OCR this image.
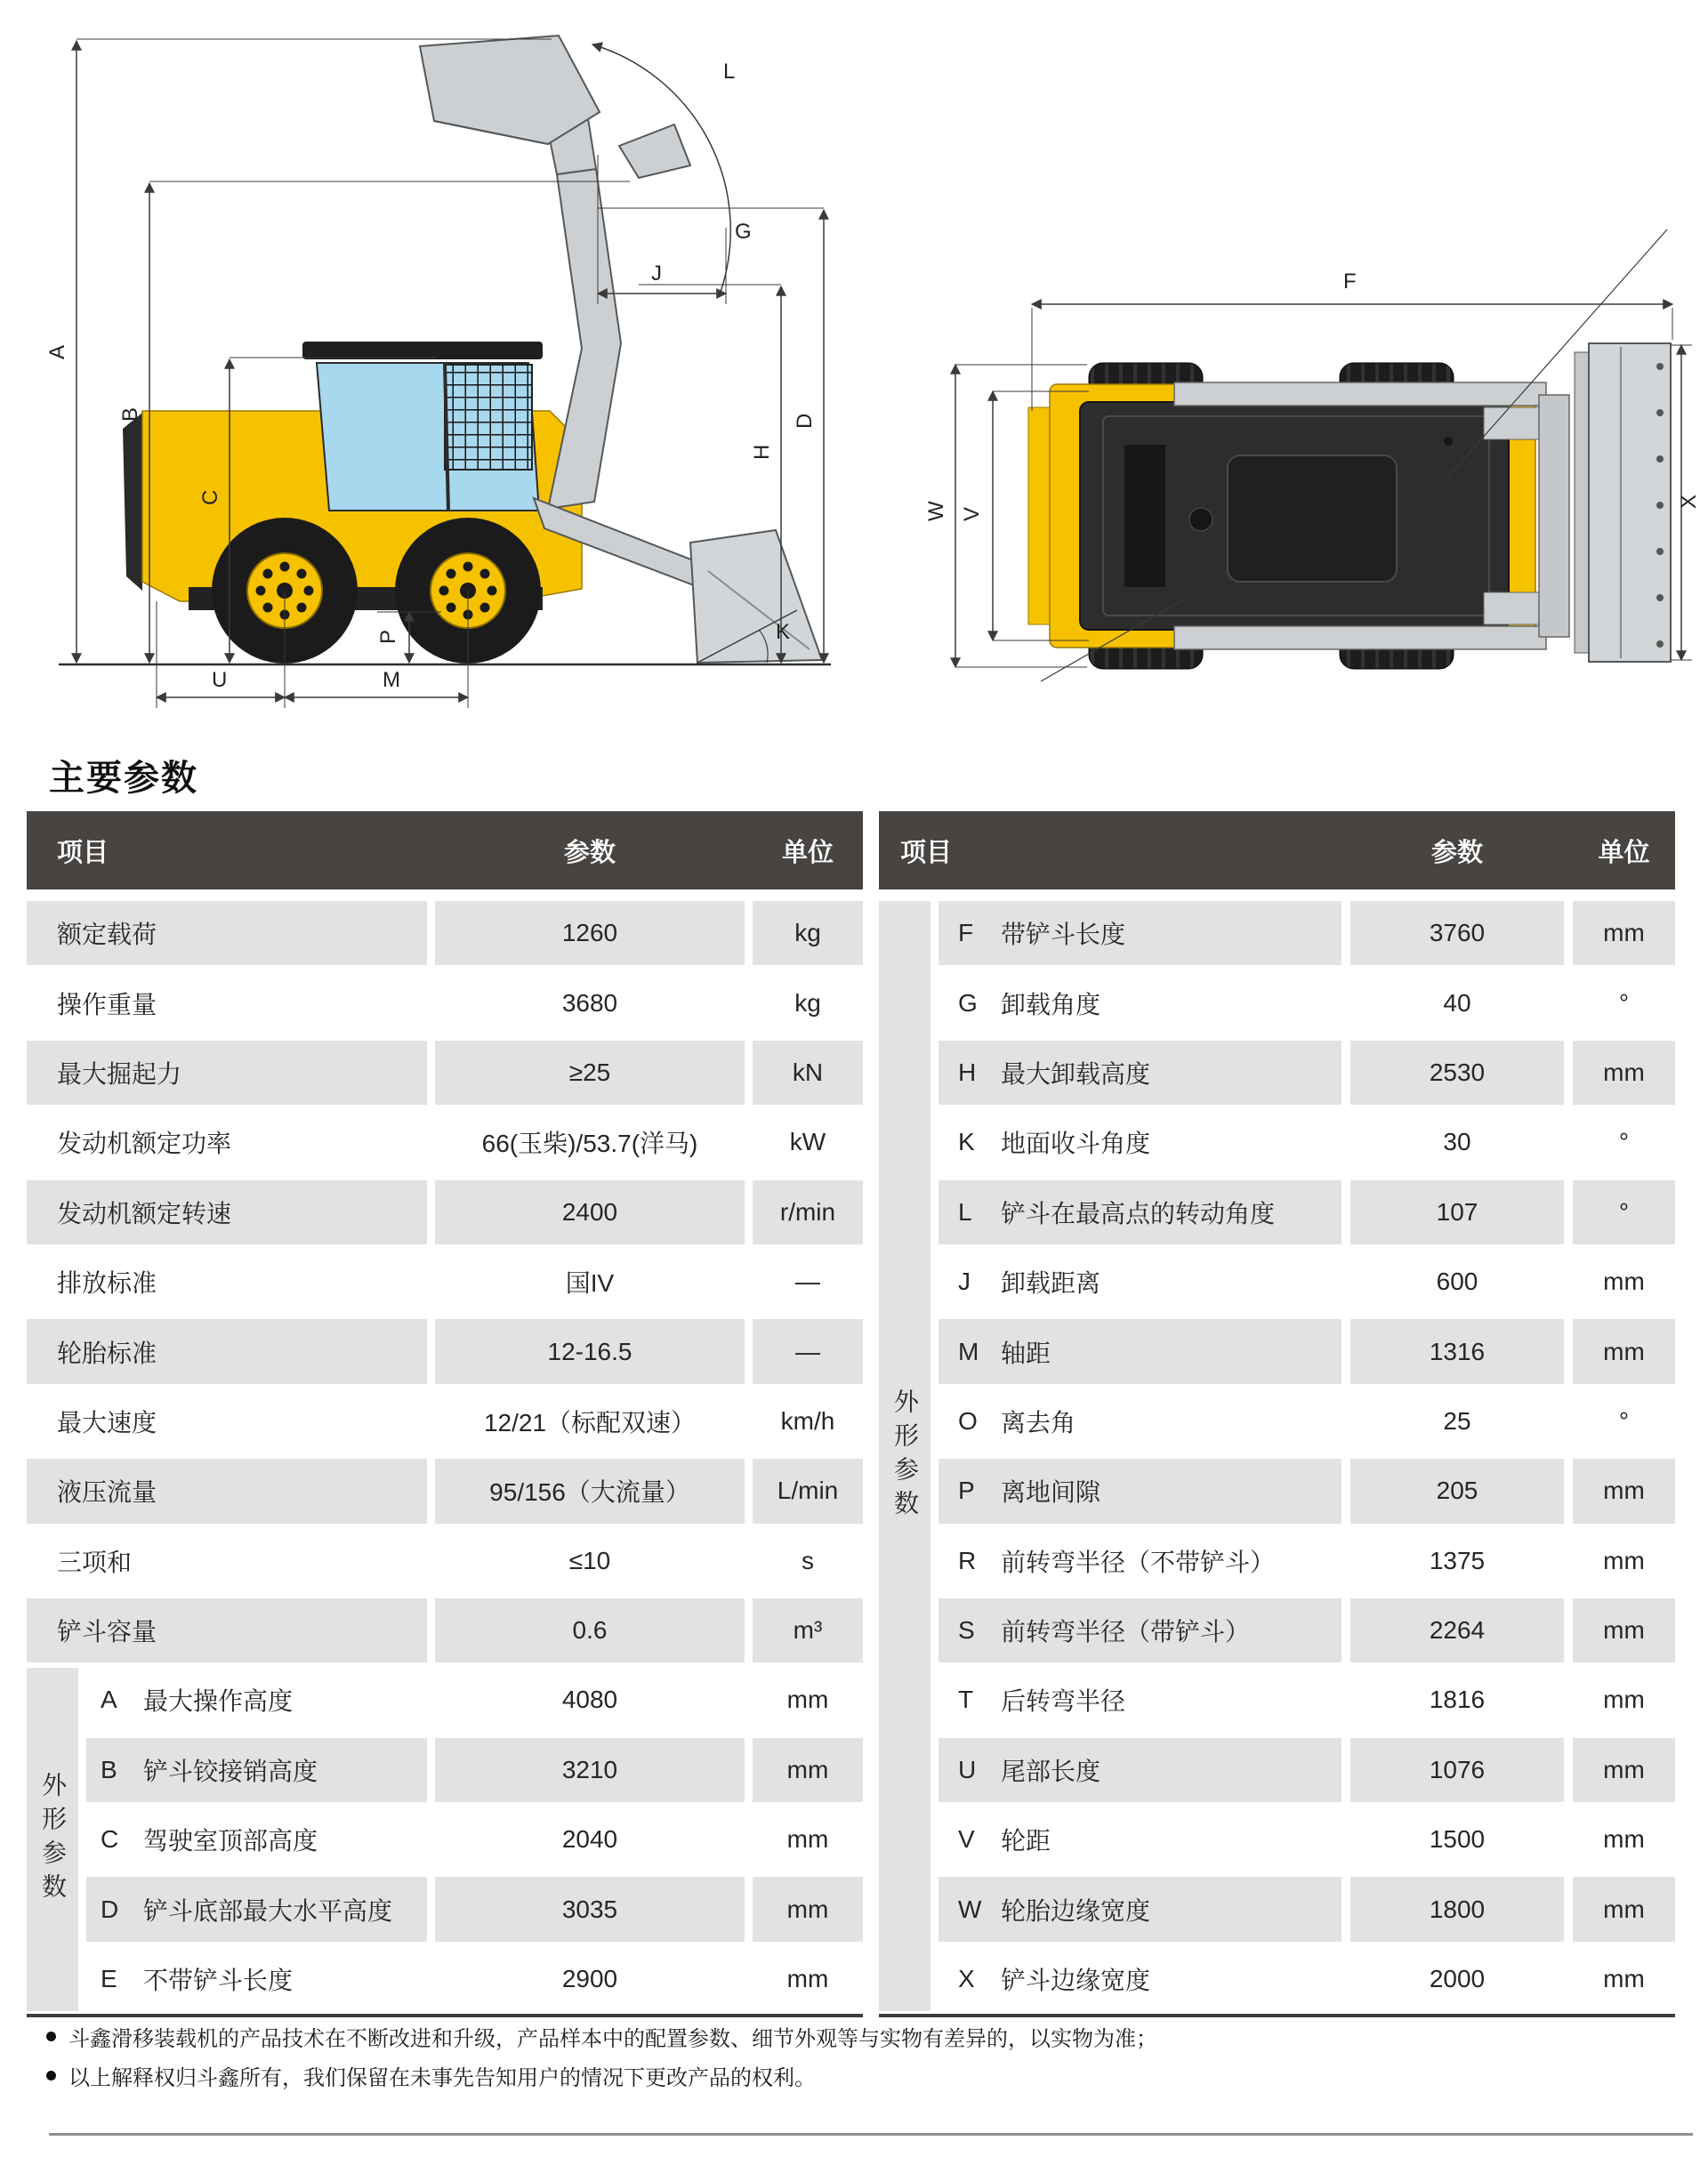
A
B
C
D
H
J
L
G
K
U	M
P
F
X
W V
主要参数
项目	参数	单位
额定载荷	1260	kg
操作重量	3680	kg
最大掘起力	≥25	kN
发动机额定功率	66(玉柴)/53.7(洋马)	kW
发动机额定转速	2400	r/min
排放标准	国IV	—
轮胎标准	12-16.5	—
最大速度	12/21（标配双速）	km/h
液压流量	95/156（大流量）	L/min
三项和	≤10	s
铲斗容量	0.6	m³
外形参数
A	最大操作高度	4080	mm
B	铲斗铰接销高度	3210	mm
C 驾驶室顶部高度	2040	mm
D 铲斗底部最大水平高度	3035	mm
E	不带铲斗长度	2900	mm
项目	参数	单位
外形参数
F	带铲斗长度	3760	mm
G 卸载角度	40	°
H 最大卸载高度	2530	mm
K	地面收斗角度	30	°
L	铲斗在最高点的转动角度	107	°
J	卸载距离	600	mm
M 轴距	1316	mm
O 离去角	25	°
P	离地间隙	205	mm
R 前转弯半径（不带铲斗）	1375	mm
S	前转弯半径（带铲斗）	2264	mm
T	后转弯半径	1816	mm
U 尾部长度	1076	mm
V	轮距	1500	mm
W 轮胎边缘宽度	1800	mm
X	铲斗边缘宽度	2000	mm
斗鑫滑移装载机的产品技术在不断改进和升级，产品样本中的配置参数、细节外观等与实物有差异的，以实物为准；
以上解释权归斗鑫所有，我们保留在未事先告知用户的情况下更改产品的权利。
